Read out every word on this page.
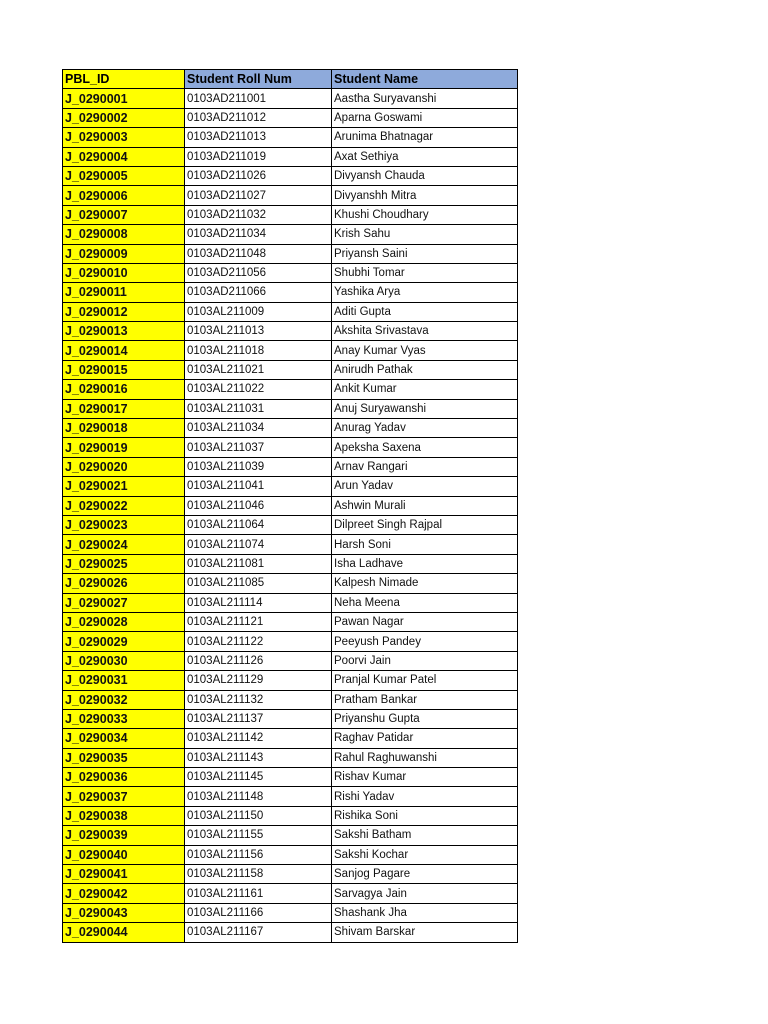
PBL_ID	Student Roll Num	Student Name
J_0290001	0103AD211001	Aastha Suryavanshi
J_0290002	0103AD211012	Aparna Goswami
J_0290003	0103AD211013	Arunima Bhatnagar
J_0290004	0103AD211019	Axat Sethiya
J_0290005	0103AD211026	Divyansh Chauda
J_0290006	0103AD211027	Divyanshh Mitra
J_0290007	0103AD211032	Khushi Choudhary
J_0290008	0103AD211034	Krish Sahu
J_0290009	0103AD211048	Priyansh Saini
J_0290010	0103AD211056	Shubhi Tomar
J_0290011	0103AD211066	Yashika Arya
J_0290012	0103AL211009	Aditi Gupta
J_0290013	0103AL211013	Akshita Srivastava
J_0290014	0103AL211018	Anay Kumar Vyas
J_0290015	0103AL211021	Anirudh Pathak
J_0290016	0103AL211022	Ankit Kumar
J_0290017	0103AL211031	Anuj Suryawanshi
J_0290018	0103AL211034	Anurag Yadav
J_0290019	0103AL211037	Apeksha Saxena
J_0290020	0103AL211039	Arnav Rangari
J_0290021	0103AL211041	Arun Yadav
J_0290022	0103AL211046	Ashwin Murali
J_0290023	0103AL211064	Dilpreet Singh Rajpal
J_0290024	0103AL211074	Harsh Soni
J_0290025	0103AL211081	Isha Ladhave
J_0290026	0103AL211085	Kalpesh Nimade
J_0290027	0103AL211114	Neha Meena
J_0290028	0103AL211121	Pawan Nagar
J_0290029	0103AL211122	Peeyush Pandey
J_0290030	0103AL211126	Poorvi Jain
J_0290031	0103AL211129	Pranjal Kumar Patel
J_0290032	0103AL211132	Pratham Bankar
J_0290033	0103AL211137	Priyanshu Gupta
J_0290034	0103AL211142	Raghav Patidar
J_0290035	0103AL211143	Rahul Raghuwanshi
J_0290036	0103AL211145	Rishav Kumar
J_0290037	0103AL211148	Rishi Yadav
J_0290038	0103AL211150	Rishika Soni
J_0290039	0103AL211155	Sakshi Batham
J_0290040	0103AL211156	Sakshi Kochar
J_0290041	0103AL211158	Sanjog Pagare
J_0290042	0103AL211161	Sarvagya Jain
J_0290043	0103AL211166	Shashank Jha
J_0290044	0103AL211167	Shivam Barskar
